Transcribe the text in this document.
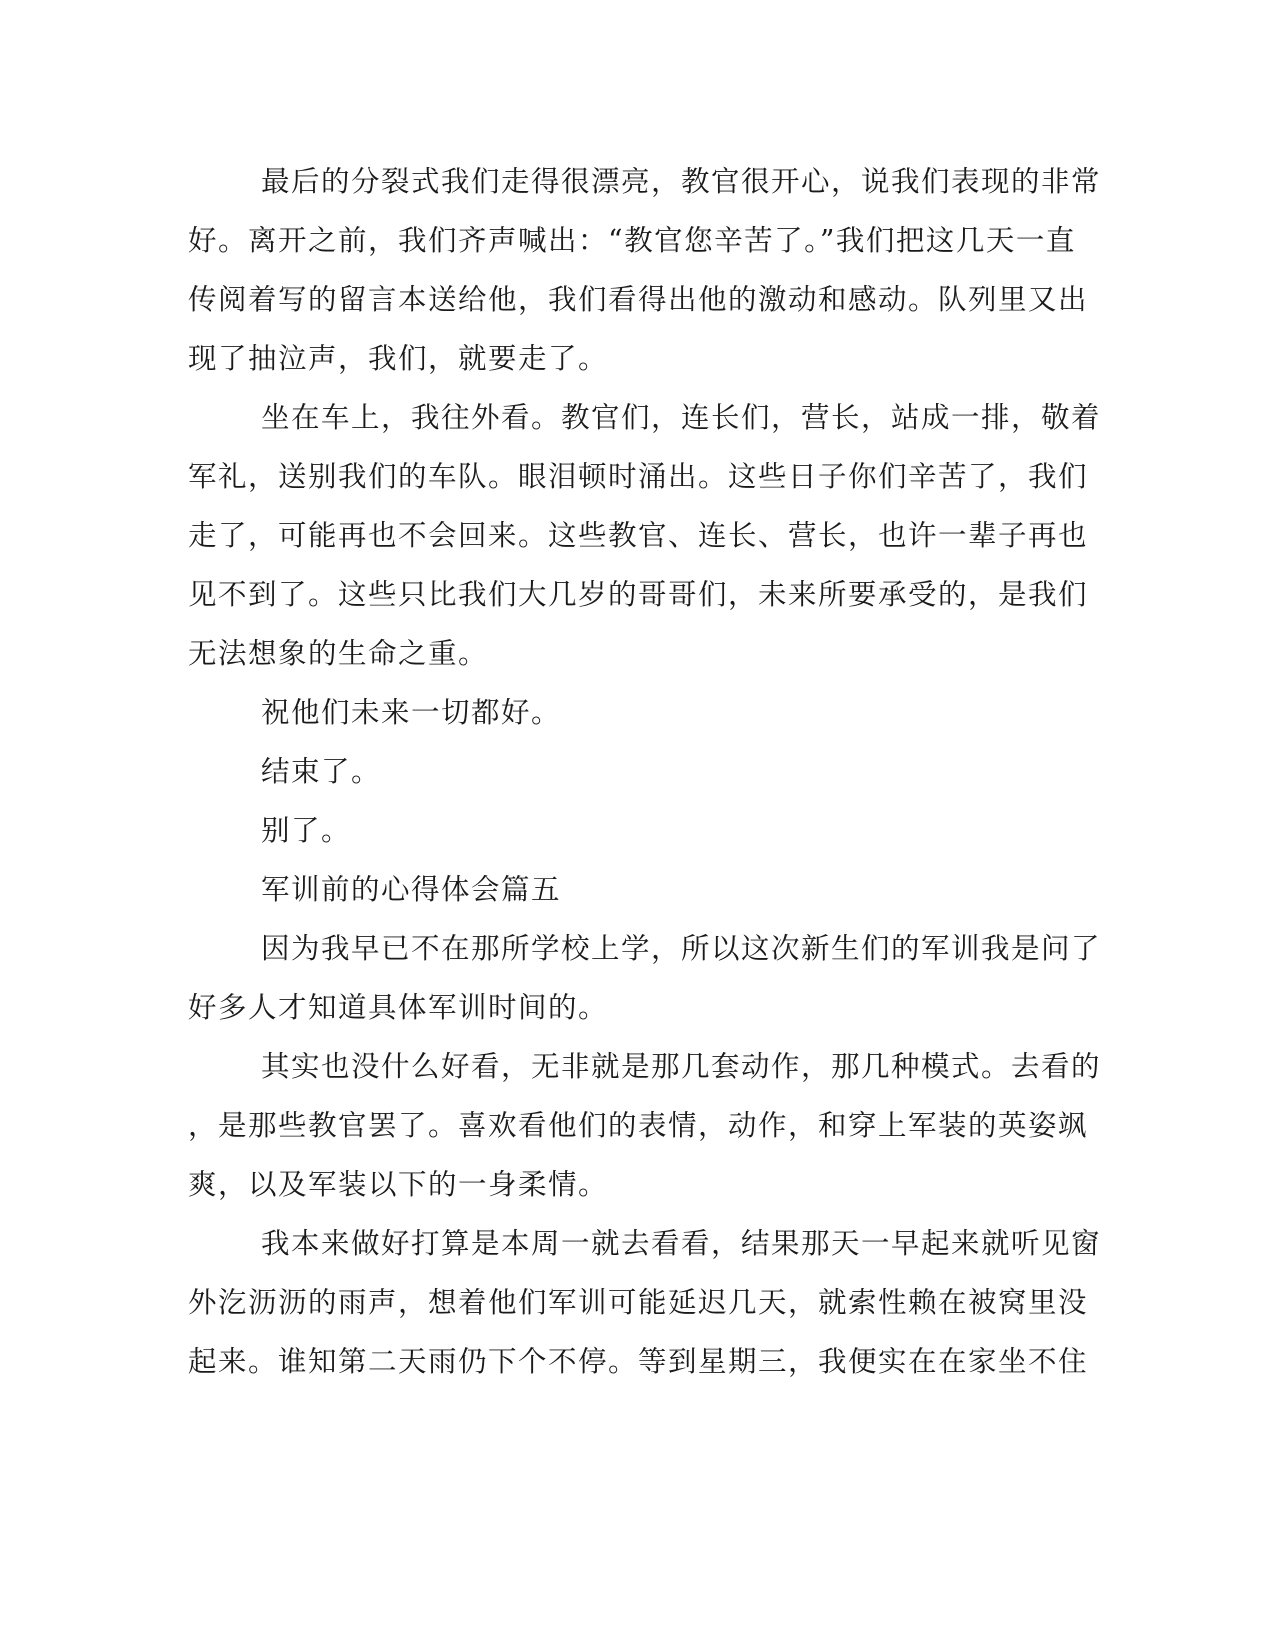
最后的分裂式我们走得很漂亮，教官很开心，说我们表现的非常
好。离开之前，我们齐声喊出：“教官您辛苦了。”我们把这几天一直
传阅着写的留言本送给他，我们看得出他的激动和感动。队列里又出
现了抽泣声，我们，就要走了。
坐在车上，我往外看。教官们，连长们，营长，站成一排，敬着
军礼，送别我们的车队。眼泪顿时涌出。这些日子你们辛苦了，我们
走了，可能再也不会回来。这些教官、连长、营长，也许一辈子再也
见不到了。这些只比我们大几岁的哥哥们，未来所要承受的，是我们
无法想象的生命之重。
祝他们未来一切都好。
结束了。
别了。
军训前的心得体会篇五
因为我早已不在那所学校上学，所以这次新生们的军训我是问了
好多人才知道具体军训时间的。
其实也没什么好看，无非就是那几套动作，那几种模式。去看的
，是那些教官罢了。喜欢看他们的表情，动作，和穿上军装的英姿飒
爽，以及军装以下的一身柔情。
我本来做好打算是本周一就去看看，结果那天一早起来就听见窗
外汔沥沥的雨声，想着他们军训可能延迟几天，就索性赖在被窝里没
起来。谁知第二天雨仍下个不停。等到星期三，我便实在在家坐不住
